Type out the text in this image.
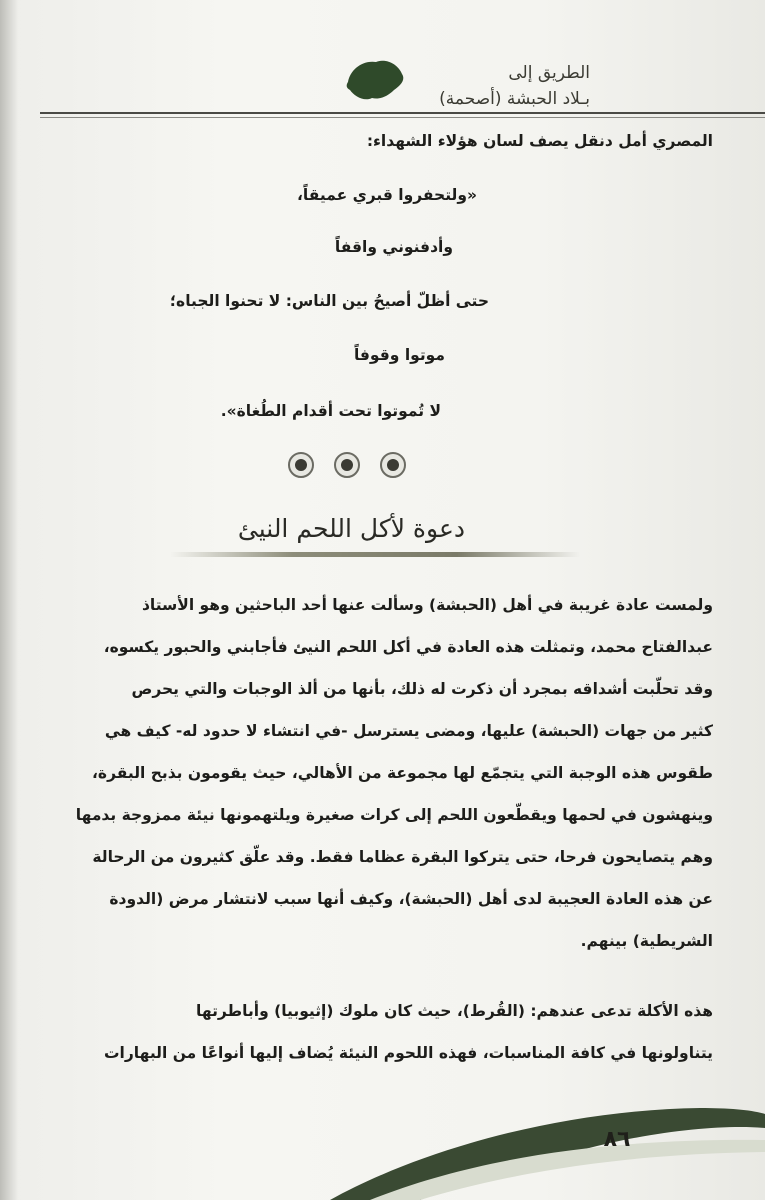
الطريق إلى
بـلاد الحبشة (أصحمة)
المصري أمل دنقل يصف لسان هؤلاء الشهداء:
«ولتحفروا قبري عميقاً،
وأدفنوني واقفاً
حتى أظلّ أصيحُ بين الناس: لا تحنوا الجباه؛
موتوا وقوفاً
لا تُموتوا تحت أقدام الطُغاة».
دعوة لأكل اللحم النيئ
ولمست عادة غريبة في أهل (الحبشة) وسألت عنها أحد الباحثين وهو الأستاذ
عبدالفتاح محمد، وتمثلت هذه العادة في أكل اللحم النيئ فأجابني والحبور يكسوه،
وقد تحلّبت أشداقه بمجرد أن ذكرت له ذلك، بأنها من ألذ الوجبات والتي يحرص
كثير من جهات (الحبشة) عليها، ومضى يسترسل -في انتشاء لا حدود له- كيف هي
طقوس هذه الوجبة التي يتجمّع لها مجموعة من الأهالي، حيث يقومون بذبح البقرة،
وينهشون في لحمها ويقطّعون اللحم إلى كرات صغيرة ويلتهمونها نيئة ممزوجة بدمها
وهم يتصايحون فرحا، حتى يتركوا البقرة عظاما فقط. وقد علّق كثيرون من الرحالة
عن هذه العادة العجيبة لدى أهل (الحبشة)، وكيف أنها سبب لانتشار مرض (الدودة
الشريطية) بينهم.
هذه الأكلة تدعى عندهم: (القُرط)، حيث كان ملوك (إثيوبيا) وأباطرتها
يتناولونها في كافة المناسبات، فهذه اللحوم النيئة يُضاف إليها أنواعًا من البهارات
٨٦
